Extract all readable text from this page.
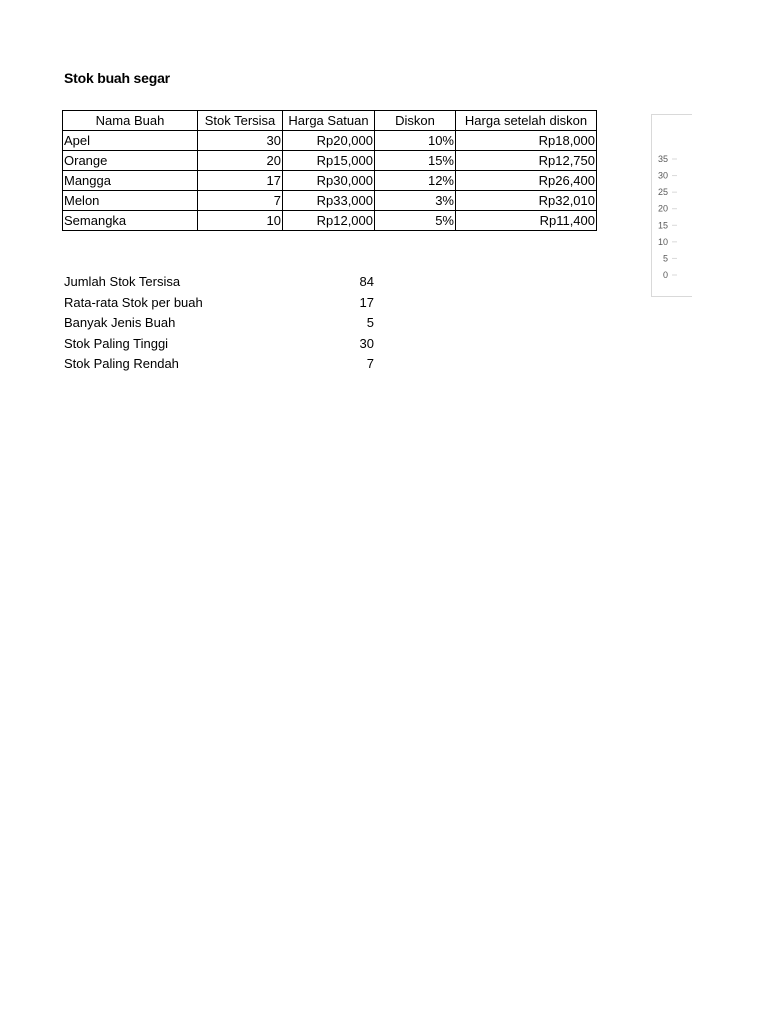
Stok buah segar
Nama Buah	Stok Tersisa	Harga Satuan	Diskon	Harga setelah diskon
Apel	30	Rp20,000	10%	Rp18,000
Orange	20	Rp15,000	15%	Rp12,750
Mangga	17	Rp30,000	12%	Rp26,400
Melon	7	Rp33,000	3%	Rp32,010
Semangka	10	Rp12,000	5%	Rp11,400
Jumlah Stok Tersisa	84
Rata-rata Stok per buah	17
Banyak Jenis Buah	5
Stok Paling Tinggi	30
Stok Paling Rendah	7
35
30
25
20
15
10
5
0
